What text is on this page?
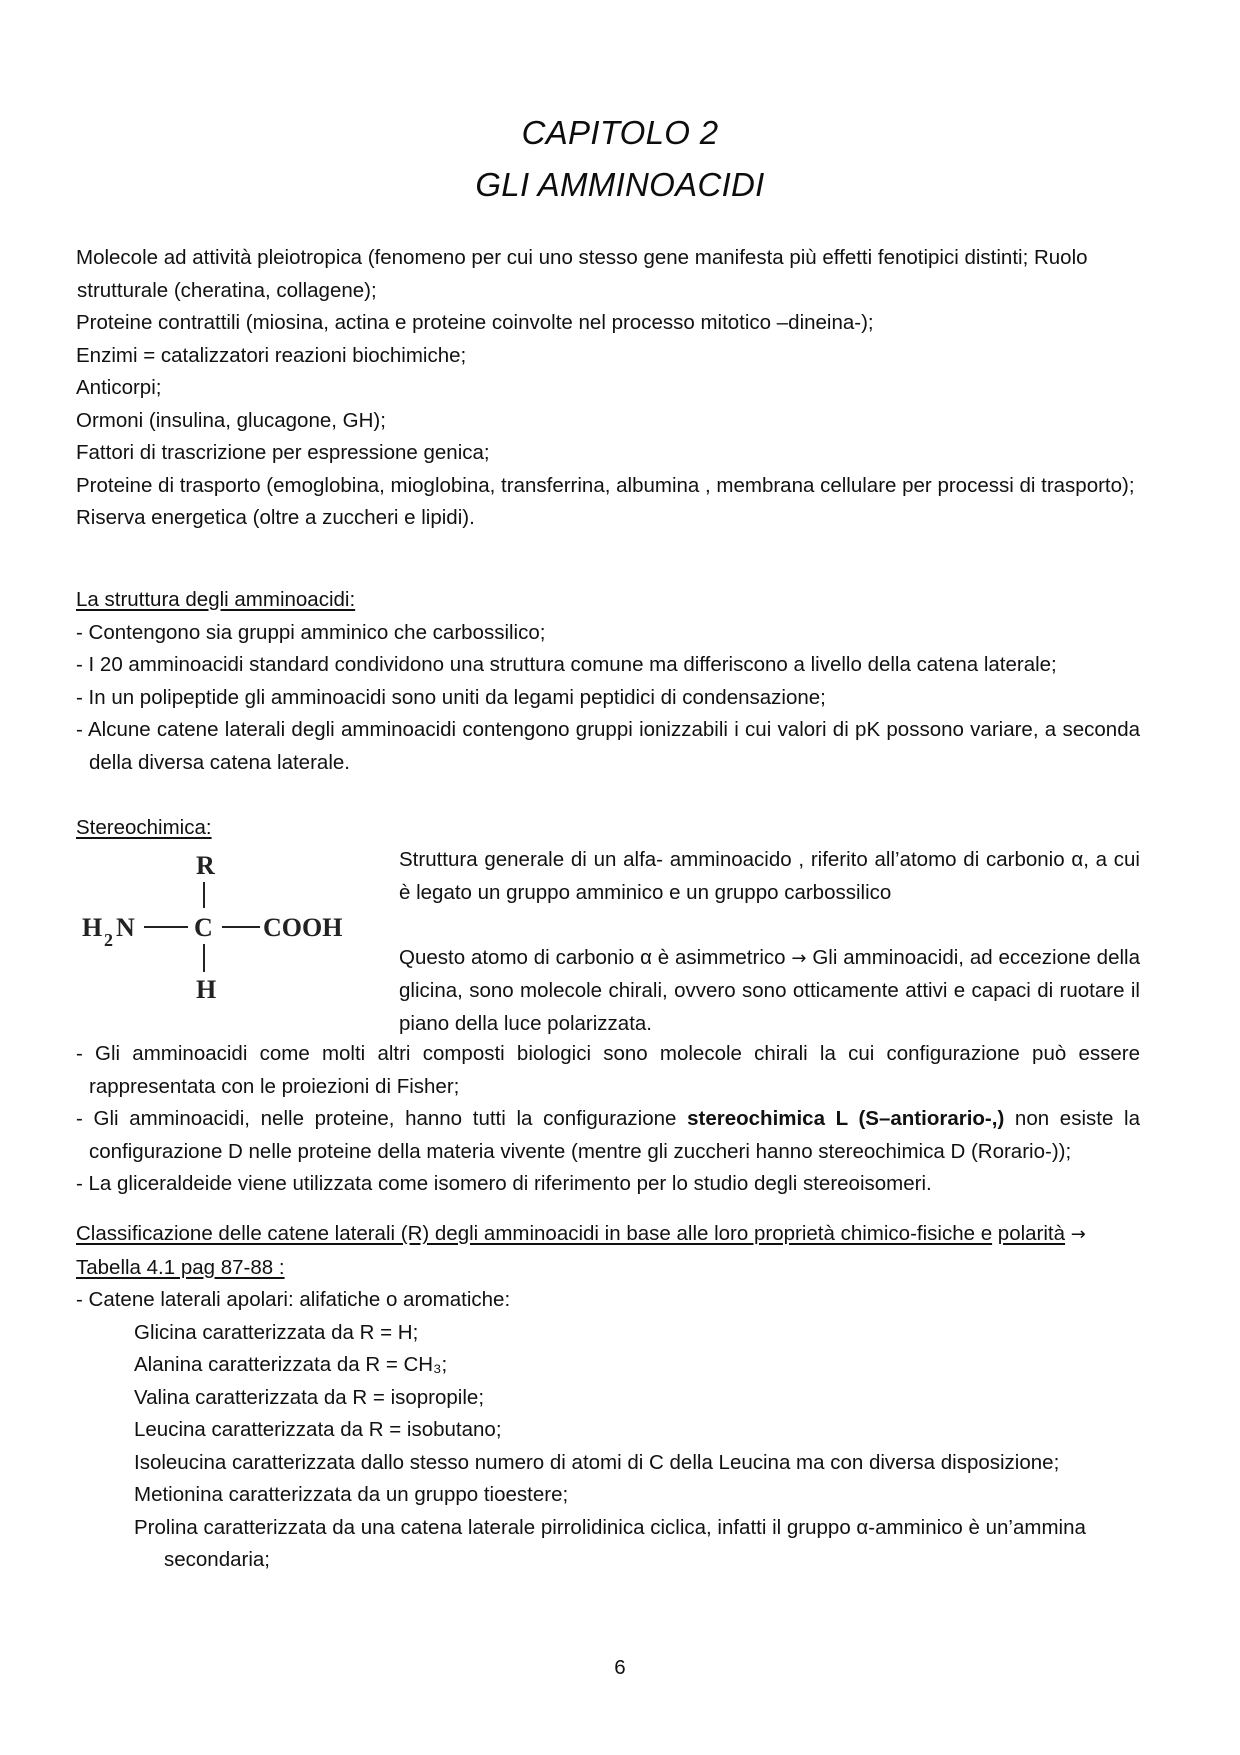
CAPITOLO 2
GLI AMMINOACIDI
Molecole ad attività pleiotropica (fenomeno per cui uno stesso gene manifesta più effetti fenotipici distinti; Ruolo
strutturale (cheratina, collagene);
Proteine contrattili (miosina, actina e proteine coinvolte nel processo mitotico –dineina-);
Enzimi = catalizzatori reazioni biochimiche;
Anticorpi;
Ormoni (insulina, glucagone, GH);
Fattori di trascrizione per espressione genica;
Proteine di trasporto (emoglobina, mioglobina, transferrina, albumina , membrana cellulare per processi di trasporto);
Riserva energetica (oltre a zuccheri e lipidi).
La struttura degli amminoacidi:
- Contengono sia gruppi amminico che carbossilico;
- I 20 amminoacidi standard condividono una struttura comune ma differiscono a livello della catena laterale;
- In un polipeptide gli amminoacidi sono uniti da legami peptidici di condensazione;
- Alcune catene laterali degli amminoacidi contengono gruppi ionizzabili i cui valori di pK possono variare, a seconda della diversa catena laterale.
Stereochimica:
R
H 2 N C COOH
H
Struttura generale di un alfa- amminoacido , riferito all’atomo di carbonio α, a cui è legato un gruppo amminico e un gruppo carbossilico
Questo atomo di carbonio α è asimmetrico → Gli amminoacidi, ad eccezione della glicina, sono molecole chirali, ovvero sono otticamente attivi e capaci di ruotare il piano della luce polarizzata.
- Gli amminoacidi come molti altri composti biologici sono molecole chirali la cui configurazione può essere rappresentata con le proiezioni di Fisher;
- Gli amminoacidi, nelle proteine, hanno tutti la configurazione stereochimica L (S–antiorario-,) non esiste la configurazione D nelle proteine della materia vivente (mentre gli zuccheri hanno stereochimica D (Rorario-));
- La gliceraldeide viene utilizzata come isomero di riferimento per lo studio degli stereoisomeri.
Classificazione delle catene laterali (R) degli amminoacidi in base alle loro proprietà chimico-fisiche e polarità →
Tabella 4.1 pag 87-88 :
- Catene laterali apolari: alifatiche o aromatiche:
Glicina caratterizzata da R = H;
Alanina caratterizzata da R = CH₃;
Valina caratterizzata da R = isopropile;
Leucina caratterizzata da R = isobutano;
Isoleucina caratterizzata dallo stesso numero di atomi di C della Leucina ma con diversa disposizione;
Metionina caratterizzata da un gruppo tioestere;
Prolina caratterizzata da una catena laterale pirrolidinica ciclica, infatti il gruppo α-amminico è un’ammina secondaria;
6
